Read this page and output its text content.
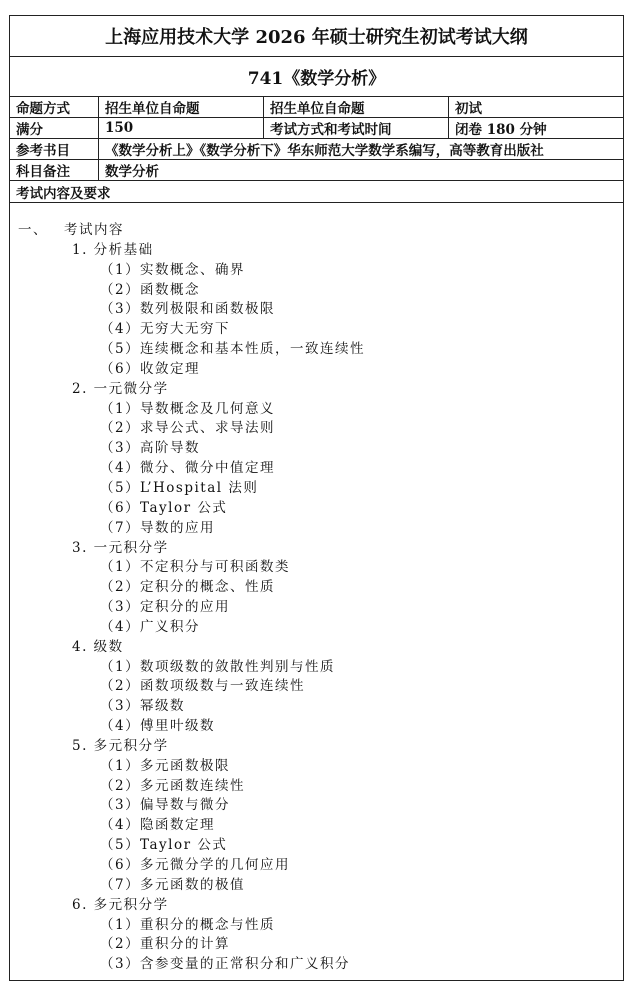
上海应用技术大学 2026 年硕士研究生初试考试大纲
741《数学分析》
命题方式	招生单位自命题	招生单位自命题	初试
满分	150	考试方式和考试时间	闭卷 180 分钟
参考书目	《数学分析上》《数学分析下》华东师范大学数学系编写，高等教育出版社
科目备注	数学分析
考试内容及要求
一、 考试内容
1. 分析基础
（1）实数概念、确界
（2）函数概念
（3）数列极限和函数极限
（4）无穷大无穷下
（5）连续概念和基本性质，一致连续性
（6）收敛定理
2. 一元微分学
（1）导数概念及几何意义
（2）求导公式、求导法则
（3）高阶导数
（4）微分、微分中值定理
（5）L’Hospital 法则
（6）Taylor 公式
（7）导数的应用
3. 一元积分学
（1）不定积分与可积函数类
（2）定积分的概念、性质
（3）定积分的应用
（4）广义积分
4. 级数
（1）数项级数的敛散性判别与性质
（2）函数项级数与一致连续性
（3）幂级数
（4）傅里叶级数
5. 多元积分学
（1）多元函数极限
（2）多元函数连续性
（3）偏导数与微分
（4）隐函数定理
（5）Taylor 公式
（6）多元微分学的几何应用
（7）多元函数的极值
6. 多元积分学
（1）重积分的概念与性质
（2）重积分的计算
（3）含参变量的正常积分和广义积分
